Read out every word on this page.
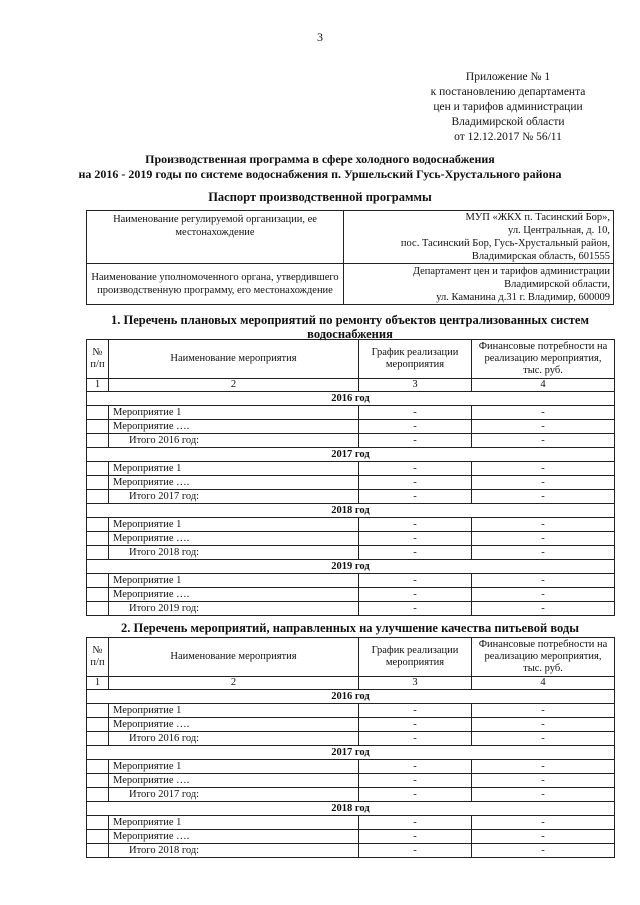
3
Приложение № 1
к постановлению департамента
цен и тарифов администрации
Владимирской области
от 12.12.2017 № 56/11
Производственная программа в сфере холодного водоснабжения
на 2016 - 2019 годы по системе водоснабжения п. Уршельский Гусь-Хрустального района
Паспорт производственной программы
Наименование регулируемой организации, ее местонахождение	МУП «ЖКХ п. Тасинский Бор»,
ул. Центральная, д. 10,
пос. Тасинский Бор, Гусь-Хрустальный район,
Владимирская область, 601555

Наименование уполномоченного органа, утвердившего производственную программу, его местонахождение	Департамент цен и тарифов администрации
Владимирской области,
ул. Каманина д.31 г. Владимир, 600009
1. Перечень плановых мероприятий по ремонту объектов централизованных систем водоснабжения
№ п/п	Наименование мероприятия	График реализации мероприятия	Финансовые потребности на реализацию мероприятия, тыс. руб.
1	2	3	4
2016 год			
	Мероприятие 1	-	-
	Мероприятие ….	-	-
	Итого 2016 год:	-	-
2017 год			
	Мероприятие 1	-	-
	Мероприятие ….	-	-
	Итого 2017 год:	-	-
2018 год			
	Мероприятие 1	-	-
	Мероприятие ….	-	-
	Итого 2018 год:	-	-
2019 год			
	Мероприятие 1	-	-
	Мероприятие ….	-	-
	Итого 2019 год:	-	-
2. Перечень мероприятий, направленных на улучшение качества питьевой воды
№ п/п	Наименование мероприятия	График реализации мероприятия	Финансовые потребности на реализацию мероприятия, тыс. руб.
1	2	3	4
2016 год			
	Мероприятие 1	-	-
	Мероприятие ….	-	-
	Итого 2016 год:	-	-
2017 год			
	Мероприятие 1	-	-
	Мероприятие ….	-	-
	Итого 2017 год:	-	-
2018 год			
	Мероприятие 1	-	-
	Мероприятие ….	-	-
	Итого 2018 год:	-	-
